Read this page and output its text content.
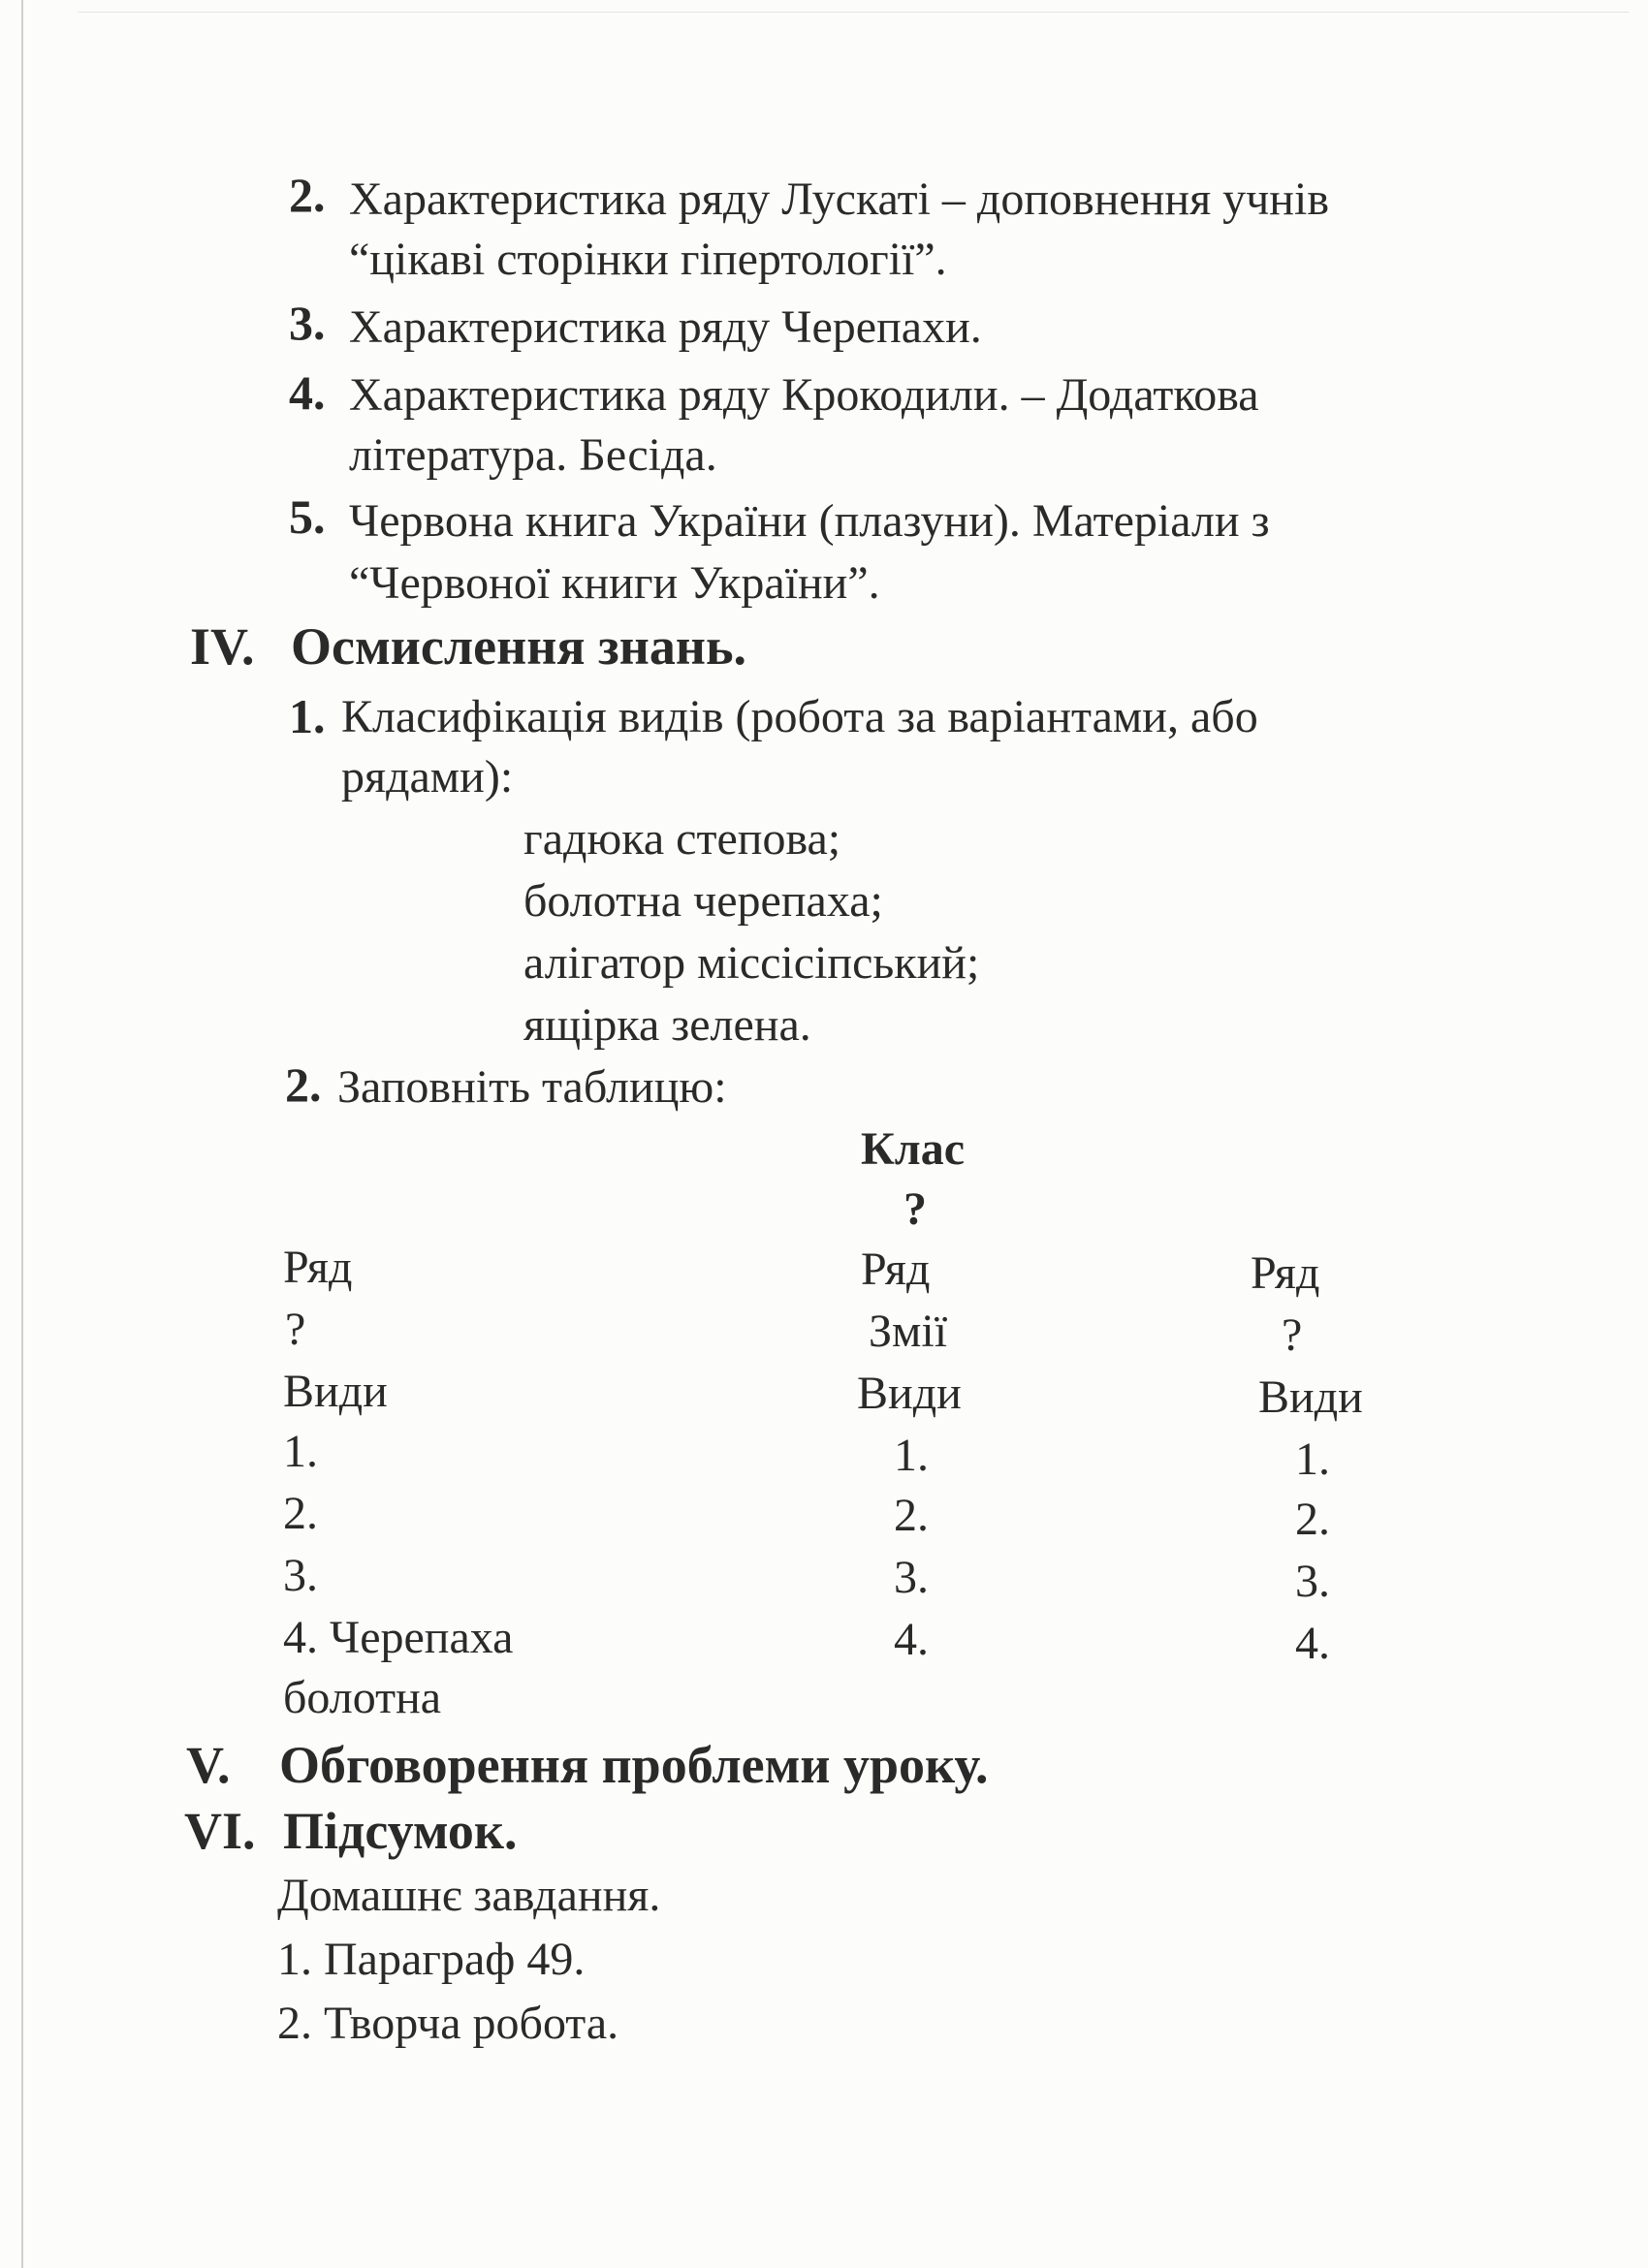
2. Характеристика ряду Лускаті – доповнення учнів
“цікаві сторінки гіпертології”.
3. Характеристика ряду Черепахи.
4. Характеристика ряду Крокодили. – Додаткова
література. Бесіда.
5. Червона книга України (плазуни). Матеріали з
“Червоної книги України”.
IV. Осмислення знань.
1. Класифікація видів (робота за варіантами, або
рядами):
гадюка степова;
болотна черепаха;
алігатор міссісіпський;
ящірка зелена.
2. Заповніть таблицю:
Клас
?
Ряд
?
Види
1.
2.
3.
4. Черепаха
болотна
Ряд
Змії
Види
1.
2.
3.
4.
Ряд
?
Види
1.
2.
3.
4.
V. Обговорення проблеми уроку.
VI. Підсумок.
Домашнє завдання.
1. Параграф 49.
2. Творча робота.
